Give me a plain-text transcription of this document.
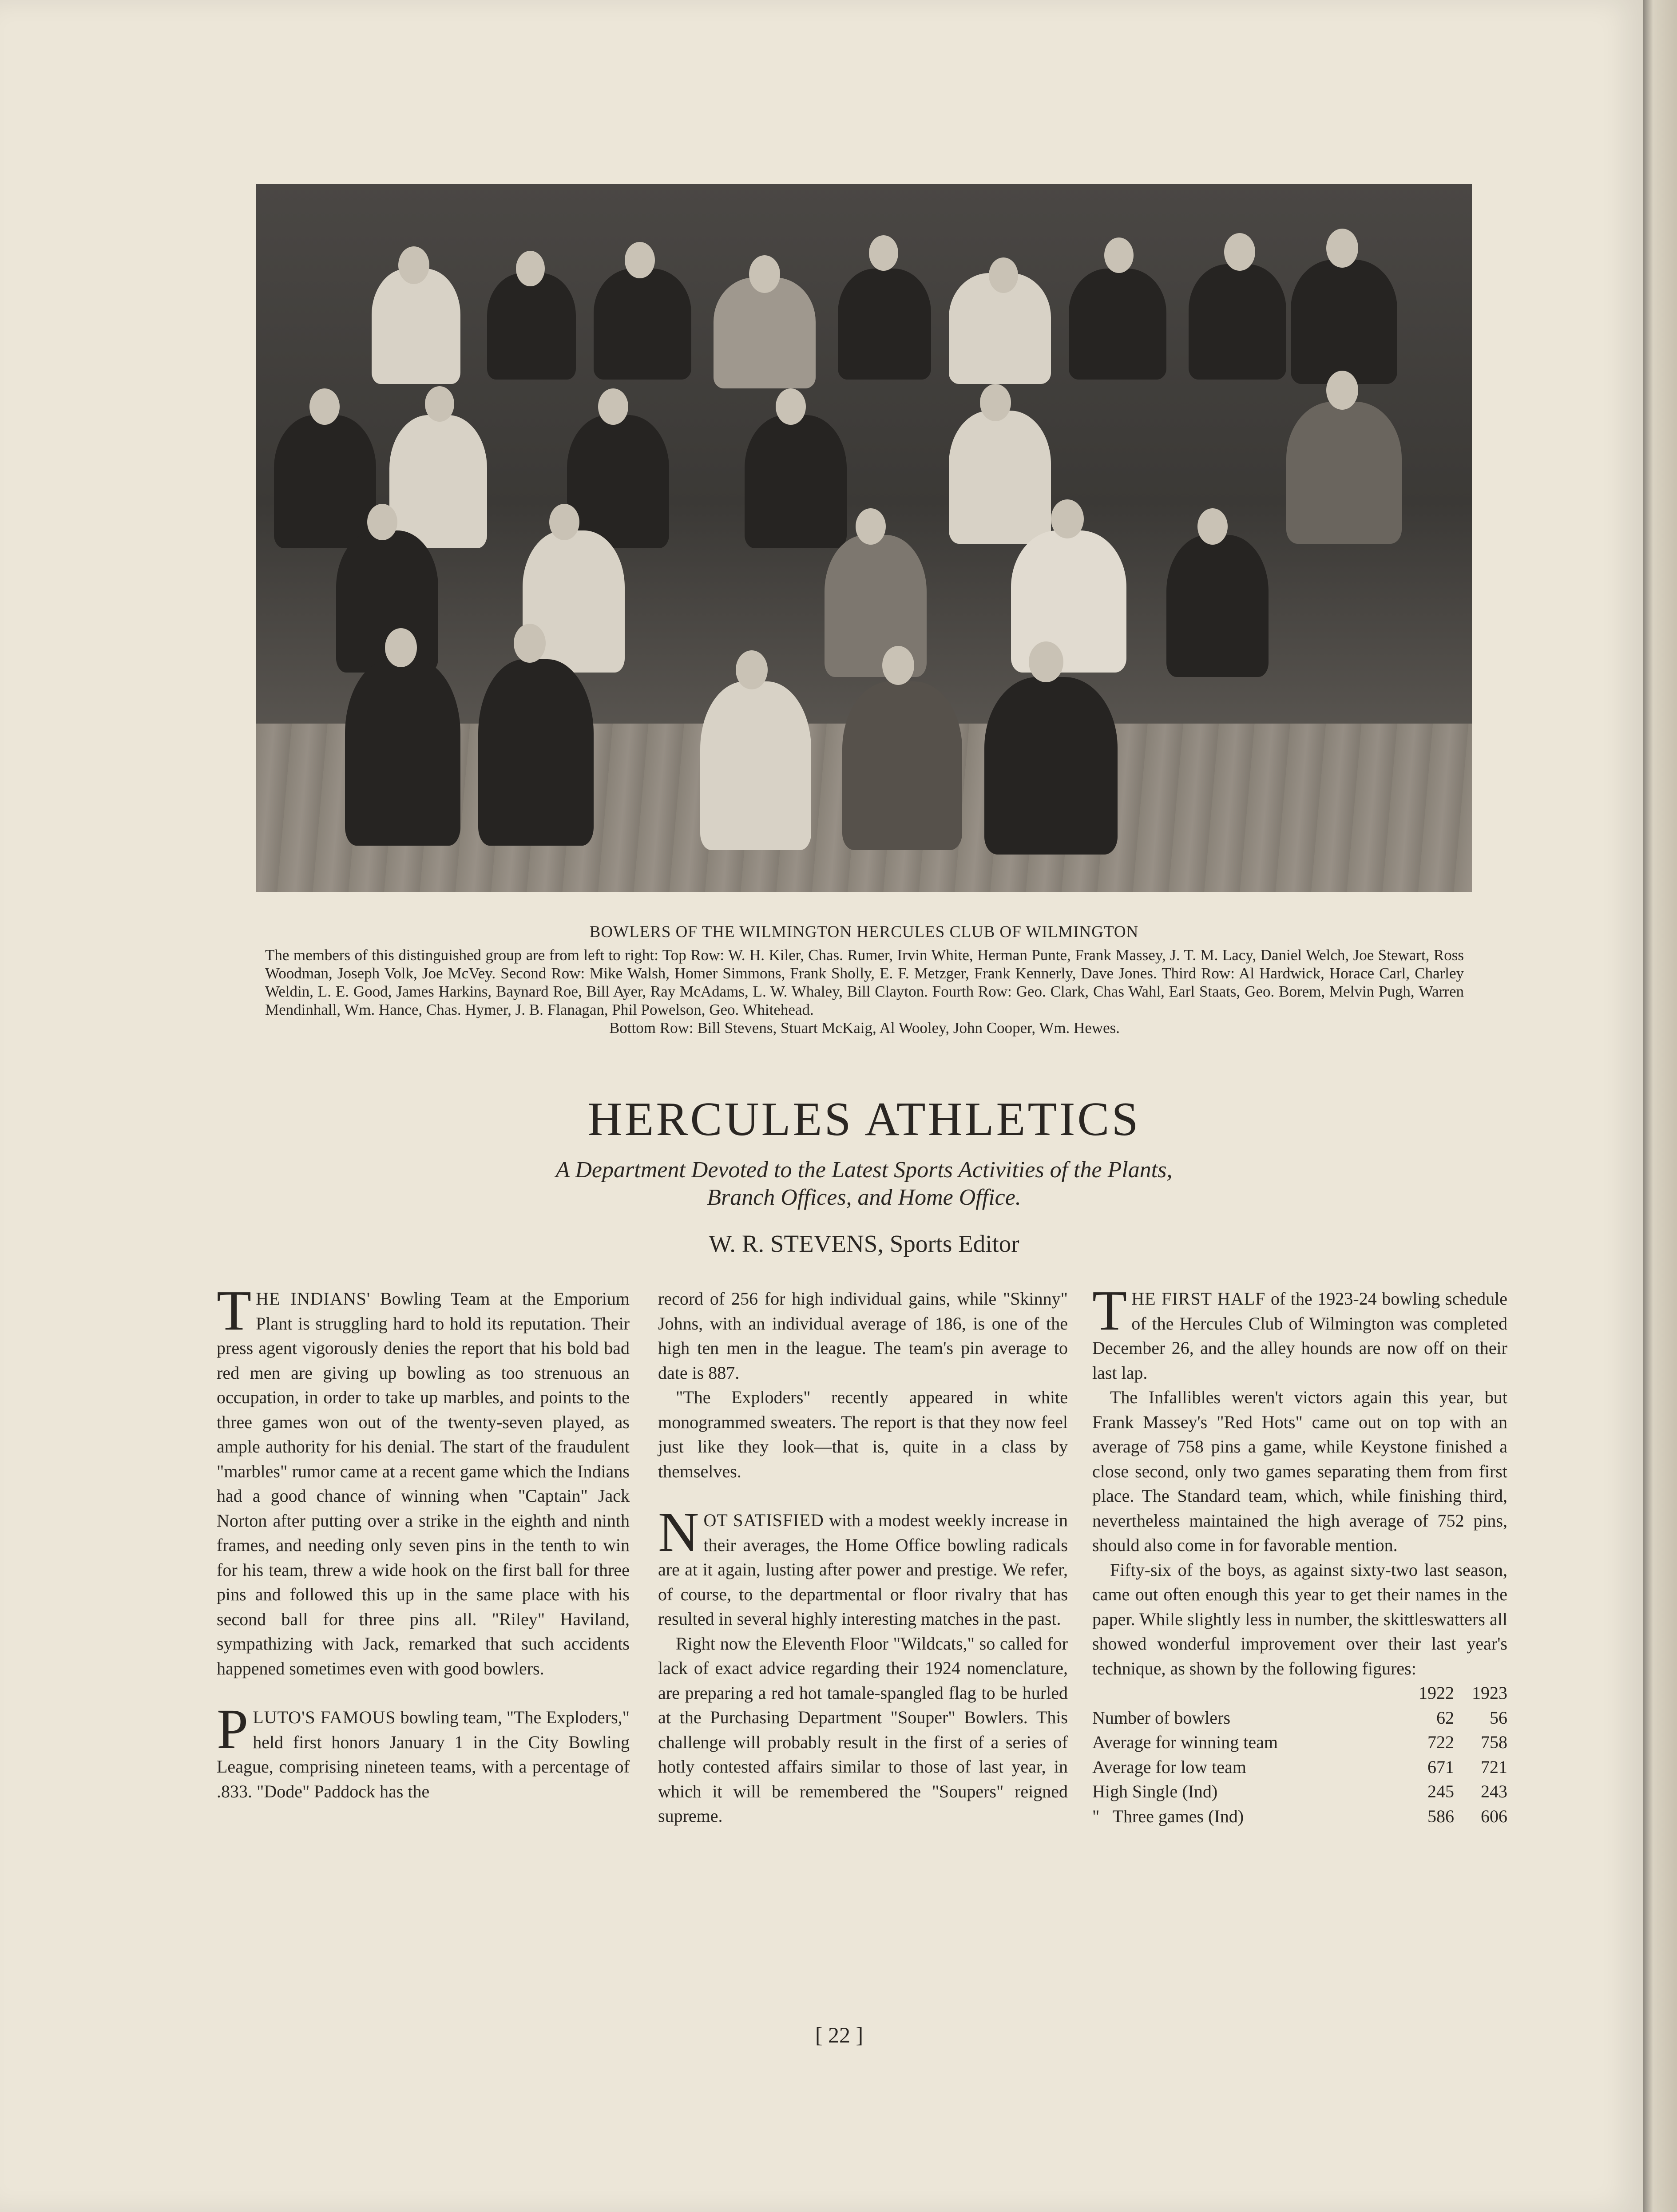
BOWLERS OF THE WILMINGTON HERCULES CLUB OF WILMINGTON
The members of this distinguished group are from left to right: Top Row: W. H. Kiler, Chas. Rumer, Irvin White, Herman Punte, Frank Massey, J. T. M. Lacy, Daniel Welch, Joe Stewart, Ross Woodman, Joseph Volk, Joe McVey. Second Row: Mike Walsh, Homer Simmons, Frank Sholly, E. F. Metzger, Frank Kennerly, Dave Jones. Third Row: Al Hardwick, Horace Carl, Charley Weldin, L. E. Good, James Harkins, Baynard Roe, Bill Ayer, Ray McAdams, L. W. Whaley, Bill Clayton. Fourth Row: Geo. Clark, Chas Wahl, Earl Staats, Geo. Borem, Melvin Pugh, Warren Mendinhall, Wm. Hance, Chas. Hymer, J. B. Flanagan, Phil Powelson, Geo. Whitehead.
Bottom Row: Bill Stevens, Stuart McKaig, Al Wooley, John Cooper, Wm. Hewes.
HERCULES ATHLETICS
A Department Devoted to the Latest Sports Activities of the Plants,
Branch Offices, and Home Office.
W. R. STEVENS, Sports Editor

THE INDIANS' Bowling Team at the Emporium Plant is struggling hard to hold its reputation. Their press agent vigorously denies the report that his bold bad red men are giving up bowling as too strenuous an occupation, in order to take up marbles, and points to the three games won out of the twenty-seven played, as ample authority for his denial. The start of the fraudulent "marbles" rumor came at a recent game which the Indians had a good chance of winning when "Captain" Jack Norton after putting over a strike in the eighth and ninth frames, and needing only seven pins in the tenth to win for his team, threw a wide hook on the first ball for three pins and followed this up in the same place with his second ball for three pins all. "Riley" Haviland, sympathizing with Jack, remarked that such accidents happened sometimes even with good bowlers.

PLUTO'S FAMOUS bowling team, "The Exploders," held first honors January 1 in the City Bowling League, comprising nineteen teams, with a percentage of .833. "Dode" Paddock has the

record of 256 for high individual gains, while "Skinny" Johns, with an individual average of 186, is one of the high ten men in the league. The team's pin average to date is 887.

"The Exploders" recently appeared in white monogrammed sweaters. The report is that they now feel just like they look—that is, quite in a class by themselves.

NOT SATISFIED with a modest weekly increase in their averages, the Home Office bowling radicals are at it again, lusting after power and prestige. We refer, of course, to the departmental or floor rivalry that has resulted in several highly interesting matches in the past.

Right now the Eleventh Floor "Wildcats," so called for lack of exact advice regarding their 1924 nomenclature, are preparing a red hot tamale-spangled flag to be hurled at the Purchasing Department "Souper" Bowlers. This challenge will probably result in the first of a series of hotly contested affairs similar to those of last year, in which it will be remembered the "Soupers" reigned supreme.

THE FIRST HALF of the 1923-24 bowling schedule of the Hercules Club of Wilmington was completed December 26, and the alley hounds are now off on their last lap.

The Infallibles weren't victors again this year, but Frank Massey's "Red Hots" came out on top with an average of 758 pins a game, while Keystone finished a close second, only two games separating them from first place. The Standard team, which, while finishing third, nevertheless maintained the high average of 752 pins, should also come in for favorable mention.

Fifty-six of the boys, as against sixty-two last season, came out often enough this year to get their names in the paper. While slightly less in number, the skittleswatters all showed wonderful improvement over their last year's technique, as shown by the following figures:

	1922	1923
Number of bowlers	62	56
Average for winning team	722	758
Average for low team	671	721
High Single (Ind)	245	243
"   Three games (Ind)	586	606
[ 22 ]
